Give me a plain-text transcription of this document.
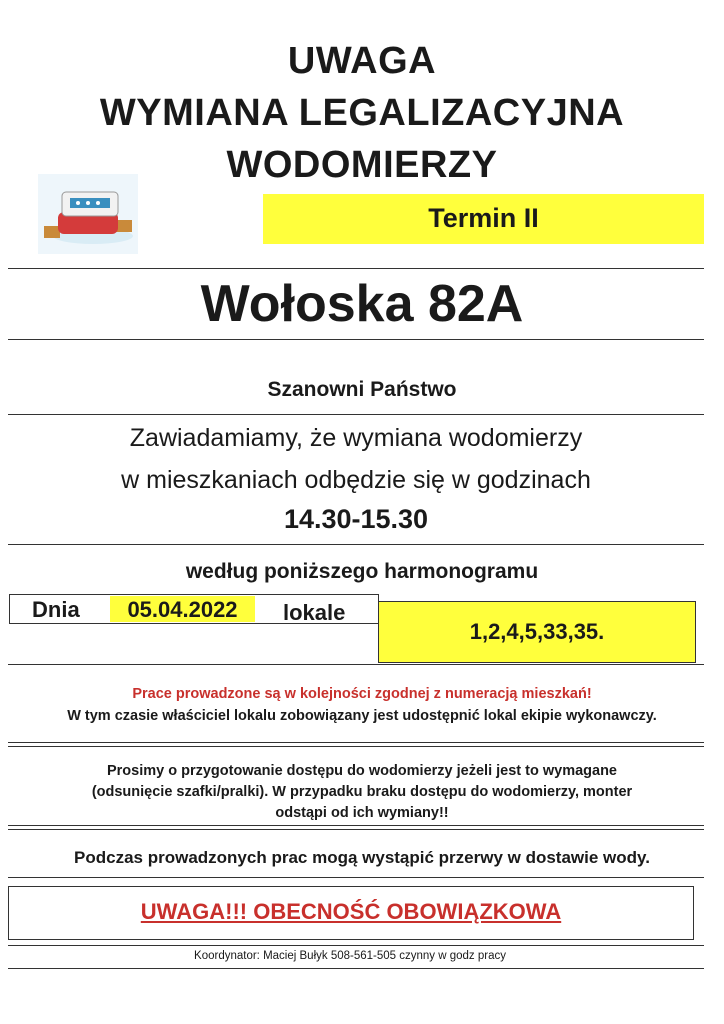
UWAGA
WYMIANA LEGALIZACYJNA
WODOMIERZY
Termin II
Wołoska 82A
Szanowni Państwo
Zawiadamiamy, że wymiana wodomierzy
w mieszkaniach odbędzie się w godzinach
14.30-15.30
według poniższego harmonogramu
Dnia	05.04.2022	lokale
1,2,4,5,33,35.
Prace prowadzone są w kolejności zgodnej z numeracją mieszkań!
W tym czasie właściciel lokalu zobowiązany jest udostępnić lokal ekipie wykonawczy.
Prosimy o przygotowanie dostępu do wodomierzy jeżeli jest to wymagane
(odsunięcie szafki/pralki). W przypadku braku dostępu do wodomierzy, monter
odstąpi od ich wymiany!!
Podczas prowadzonych prac mogą wystąpić przerwy w dostawie wody.
UWAGA!!! OBECNOŚĆ OBOWIĄZKOWA
Koordynator: Maciej Bułyk 508-561-505 czynny w godz pracy
